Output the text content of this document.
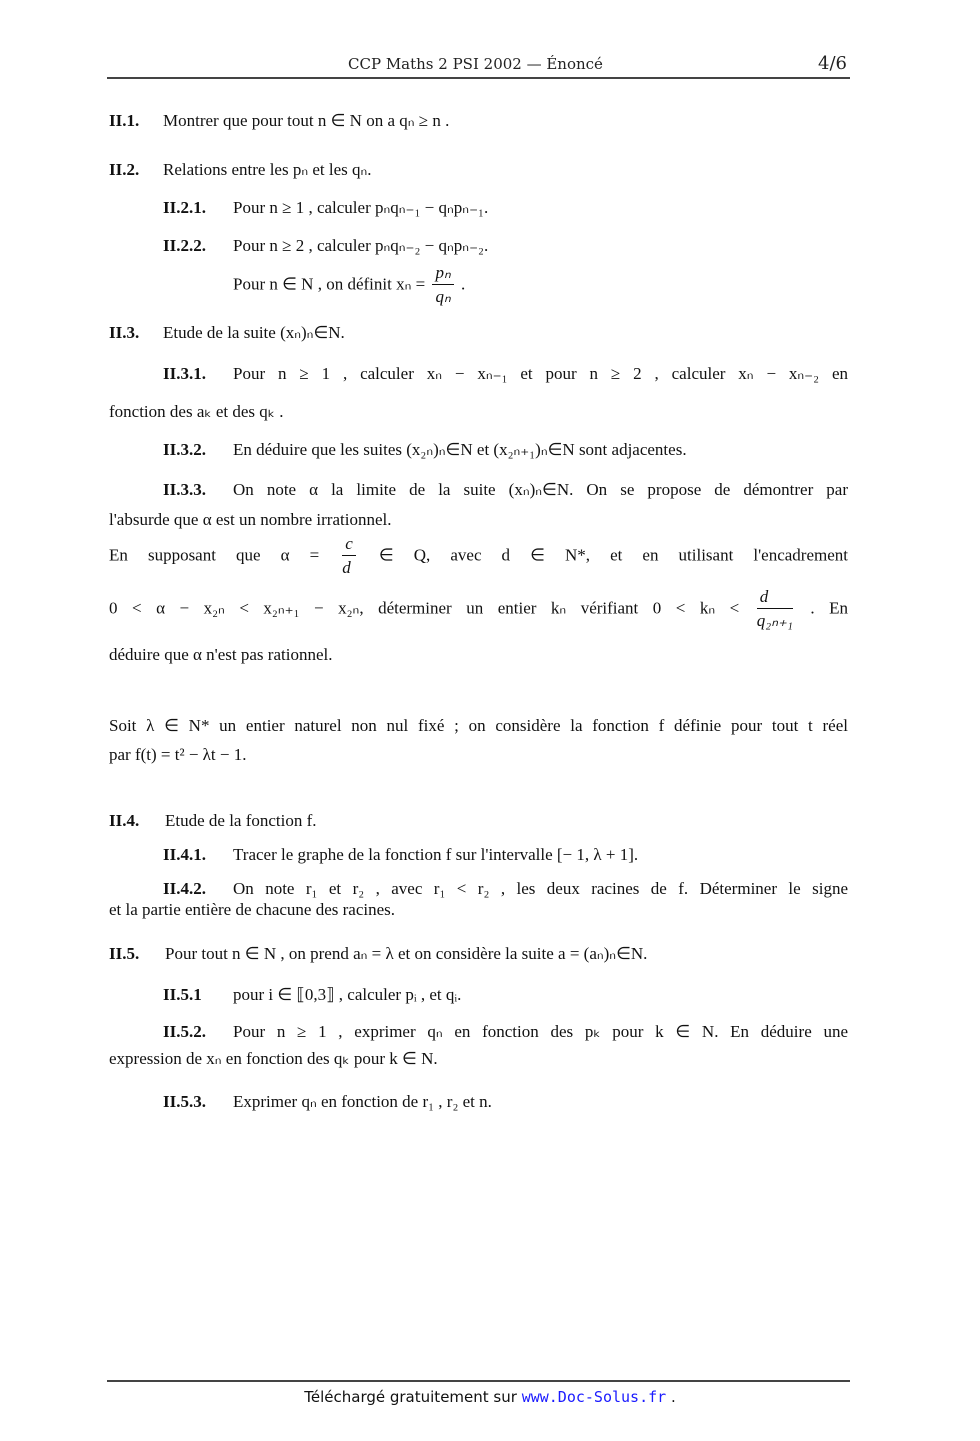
CCP Maths 2 PSI 2002 — Énoncé	4/6
II.1. Montrer que pour tout n ∈ N on a qₙ ≥ n .
II.2. Relations entre les pₙ et les qₙ.
II.2.1. Pour n ≥ 1 , calculer pₙqₙ₋₁ − qₙpₙ₋₁.
II.2.2. Pour n ≥ 2 , calculer pₙqₙ₋₂ − qₙpₙ₋₂.
Pour n ∈ N , on définit $x_n = \frac{\text{pₙ}}{\text{qₙ}}$ .
II.3. Etude de la suite (xₙ)ₙ∈N.
II.3.1. Pour n ≥ 1 , calculer xₙ − xₙ₋₁ et pour n ≥ 2 , calculer xₙ − xₙ₋₂ en
fonction des aₖ et des qₖ .
II.3.2. En déduire que les suites (x₂ₙ)ₙ∈N et (x₂ₙ₊₁)ₙ∈N sont adjacentes.
II.3.3. On note α la limite de la suite (xₙ)ₙ∈N. On se propose de démontrer par
l'absurde que α est un nombre irrationnel.
En supposant que $\alpha = \frac{c}{d}$ ∈ Q, avec d ∈ N*, et en utilisant l'encadrement
0 < α − x₂ₙ < x₂ₙ₊₁ − x₂ₙ, déterminer un entier kₙ vérifiant $0 < k_n < \frac{d}{\text{q₂ₙ₊₁}}$ . En
déduire que α n'est pas rationnel.
Soit λ ∈ N* un entier naturel non nul fixé ; on considère la fonction f définie pour tout t réel
par f(t) = t² − λt − 1.
II.4. Etude de la fonction f.
II.4.1. Tracer le graphe de la fonction f sur l'intervalle [− 1, λ + 1].
II.4.2. On note r₁ et r₂ , avec r₁ < r₂ , les deux racines de f. Déterminer le signe
et la partie entière de chacune des racines.
II.5. Pour tout n ∈ N , on prend aₙ = λ et on considère la suite a = (aₙ)ₙ∈N.
II.5.1 pour i ∈ ⟦0,3⟧ , calculer pᵢ , et qᵢ.
II.5.2. Pour n ≥ 1 , exprimer qₙ en fonction des pₖ pour k ∈ N. En déduire une
expression de xₙ en fonction des qₖ pour k ∈ N.
II.5.3. Exprimer qₙ en fonction de r₁ , r₂ et n.
Téléchargé gratuitement sur www.Doc-Solus.fr .
